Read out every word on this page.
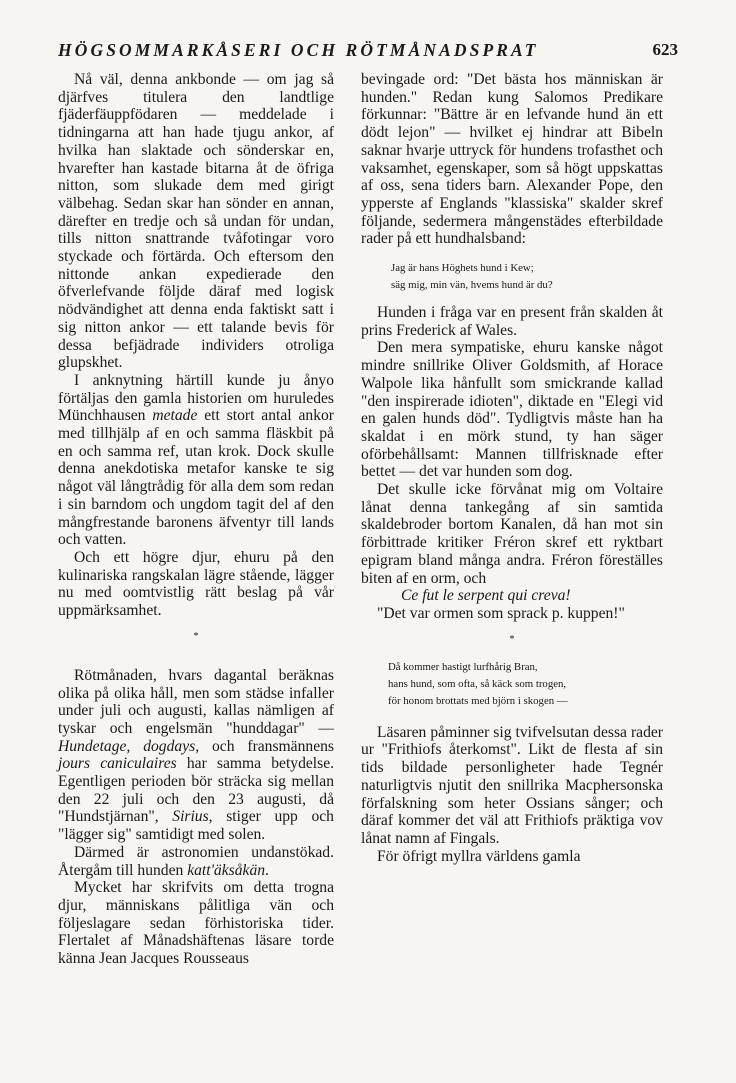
HÖGSOMMARKÅSERI OCH RÖTMÅNADSPRAT	623

Nå väl, denna ankbonde — om jag så djärfves titulera den landtlige fjäderfäuppfödaren — meddelade i tidningarna att han hade tjugu ankor, af hvilka han slaktade och sönderskar en, hvarefter han kastade bitarna åt de öfriga nitton, som slukade dem med girigt välbehag. Sedan skar han sönder en annan, därefter en tredje och så undan för undan, tills nitton snattrande tvåfotingar voro styckade och förtärda. Och eftersom den nittonde ankan expedierade den öfverlefvande följde däraf med logisk nödvändighet att denna enda faktiskt satt i sig nitton ankor — ett talande bevis för dessa befjädrade individers otroliga glupskhet.

I anknytning härtill kunde ju ånyo förtäljas den gamla historien om huruledes Münchhausen metade ett stort antal ankor med tillhjälp af en och samma fläskbit på en och samma ref, utan krok. Dock skulle denna anekdotiska metafor kanske te sig något väl långtrådig för alla dem som redan i sin barndom och ungdom tagit del af den mångfrestande baronens äfventyr till lands och vatten.

Och ett högre djur, ehuru på den kulinariska rangskalan lägre stående, lägger nu med oomtvistlig rätt beslag på vår uppmärksamhet.

*

Rötmånaden, hvars dagantal beräknas olika på olika håll, men som städse infaller under juli och augusti, kallas nämligen af tyskar och engelsmän "hunddagar" — Hundetage, dogdays, och fransmännens jours caniculaires har samma betydelse. Egentligen perioden bör sträcka sig mellan den 22 juli och den 23 augusti, då "Hundstjärnan", Sirius, stiger upp och "lägger sig" samtidigt med solen.

Därmed är astronomien undanstökad. Återgåm till hunden katt'äksåkän.

Mycket har skrifvits om detta trogna djur, människans pålitliga vän och följeslagare sedan förhistoriska tider. Flertalet af Månadshäftenas läsare torde känna Jean Jacques Rousseaus

bevingade ord: "Det bästa hos människan är hunden." Redan kung Salomos Predikare förkunnar: "Bättre är en lefvande hund än ett dödt lejon" — hvilket ej hindrar att Bibeln saknar hvarje uttryck för hundens trofasthet och vaksamhet, egenskaper, som så högt uppskattas af oss, sena tiders barn. Alexander Pope, den ypperste af Englands "klassiska" skalder skref följande, sedermera mångenstädes efterbildade rader på ett hundhalsband:

Jag är hans Höghets hund i Kew;
säg mig, min vän, hvems hund är du?

Hunden i fråga var en present från skalden åt prins Frederick af Wales.

Den mera sympatiske, ehuru kanske något mindre snillrike Oliver Goldsmith, af Horace Walpole lika hånfullt som smickrande kallad "den inspirerade idioten", diktade en "Elegi vid en galen hunds död". Tydligtvis måste han ha skaldat i en mörk stund, ty han säger oförbehållsamt: Mannen tillfrisknade efter bettet — det var hunden som dog.

Det skulle icke förvånat mig om Voltaire lånat denna tankegång af sin samtida skaldebroder bortom Kanalen, då han mot sin förbittrade kritiker Fréron skref ett ryktbart epigram bland många andra. Fréron föreställes biten af en orm, och

Ce fut le serpent qui creva!

"Det var ormen som sprack p. kuppen!"

*
Då kommer hastigt lurfhårig Bran,
hans hund, som ofta, så käck som trogen,
för honom brottats med björn i skogen —

Läsaren påminner sig tvifvelsutan dessa rader ur "Frithiofs återkomst". Likt de flesta af sin tids bildade personligheter hade Tegnér naturligtvis njutit den snillrika Macphersonska förfalskning som heter Ossians sånger; och däraf kommer det väl att Frithiofs präktiga vov lånat namn af Fingals.

För öfrigt myllra världens gamla
